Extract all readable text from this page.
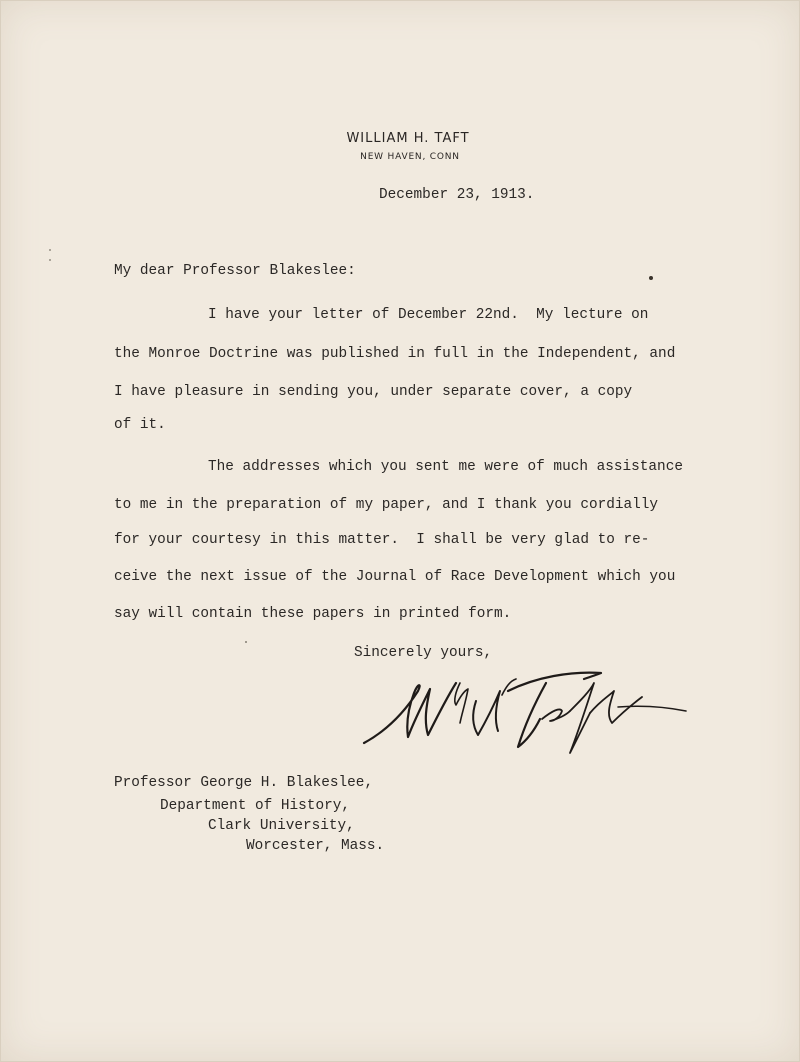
WILLIAM H. TAFT
NEW HAVEN, CONN
December 23, 1913.
My dear Professor Blakeslee:
I have your letter of December 22nd.  My lecture on
the Monroe Doctrine was published in full in the Independent, and
I have pleasure in sending you, under separate cover, a copy
of it.
The addresses which you sent me were of much assistance
to me in the preparation of my paper, and I thank you cordially
for your courtesy in this matter.  I shall be very glad to re-
ceive the next issue of the Journal of Race Development which you
say will contain these papers in printed form.
Sincerely yours,
Professor George H. Blakeslee,
Department of History,
Clark University,
Worcester, Mass.
